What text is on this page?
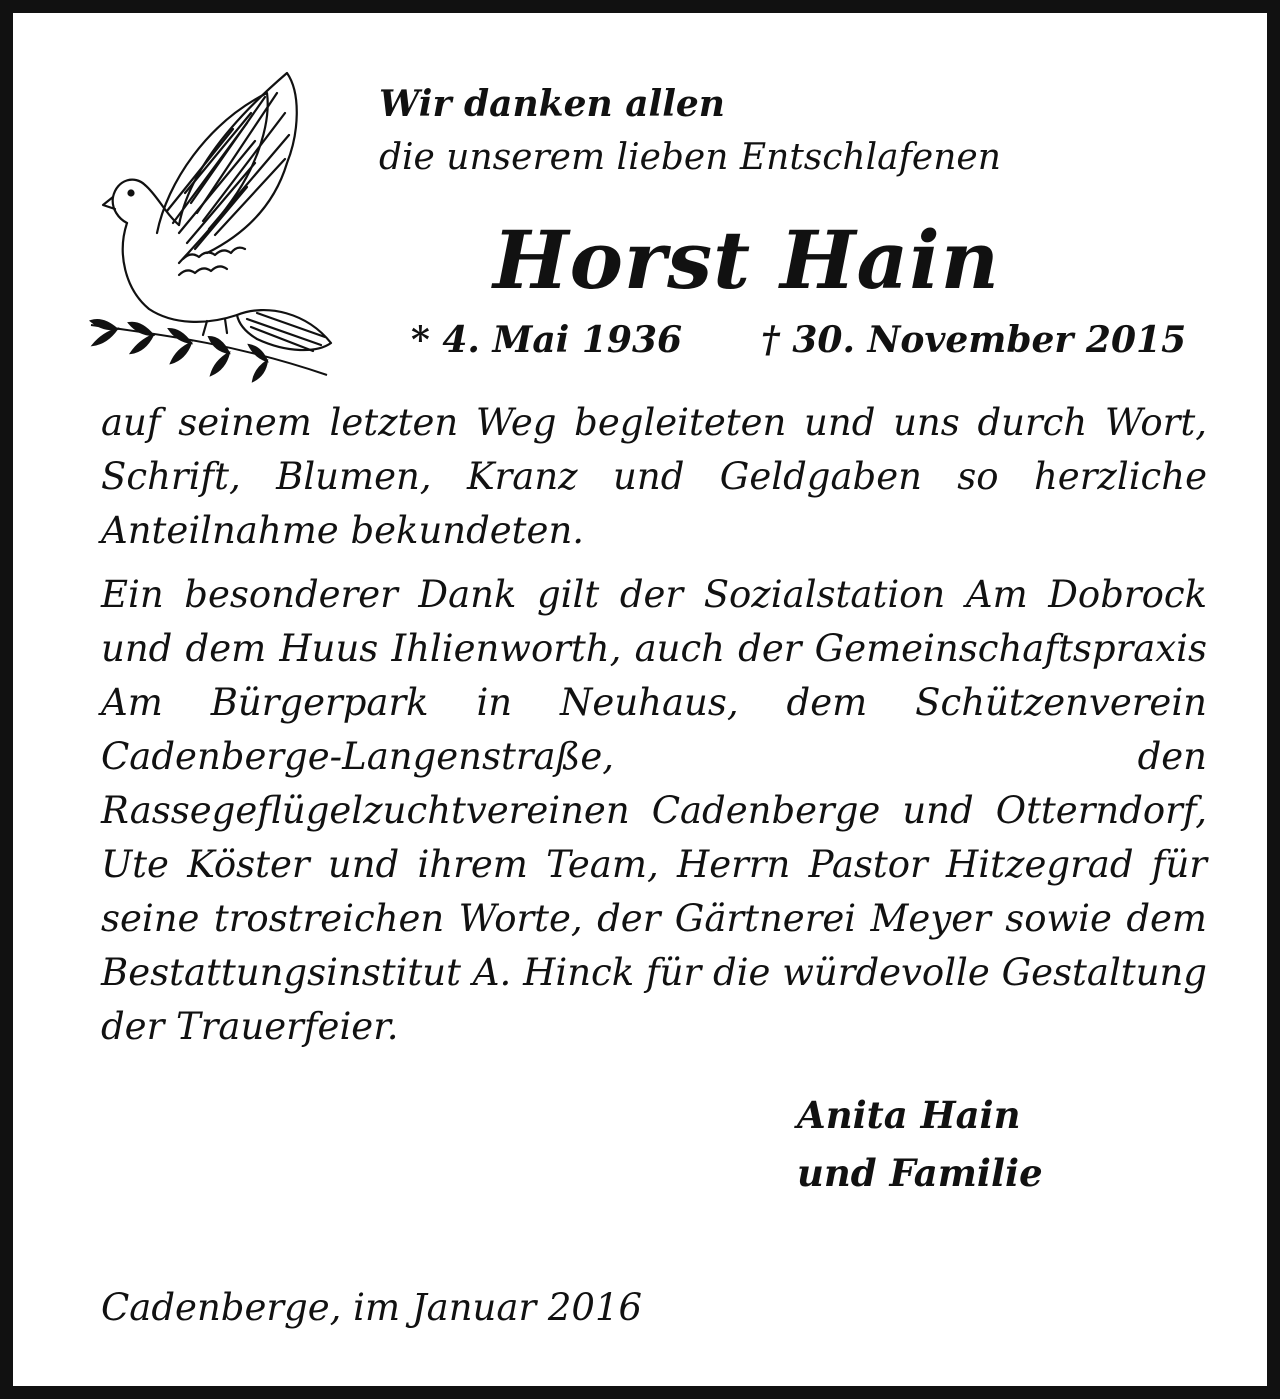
Wir danken allen
die unserem lieben Entschlafenen
Horst Hain
* 4. Mai 1936 † 30. November 2015

auf seinem letzten Weg begleiteten und uns durch Wort, Schrift, Blumen, Kranz und Geldgaben so herzliche Anteilnahme bekundeten.

Ein besonderer Dank gilt der Sozialstation Am Dobrock und dem Huus Ihlienworth, auch der Gemeinschaftspraxis Am Bürgerpark in Neuhaus, dem Schützenverein Cadenberge-Langenstraße, den Rassegeflügelzuchtvereinen Cadenberge und Otterndorf, Ute Köster und ihrem Team, Herrn Pastor Hitzegrad für seine trostreichen Worte, der Gärtnerei Meyer sowie dem Bestattungsinstitut A. Hinck für die würdevolle Gestaltung der Trauerfeier.

Anita Hain
und Familie
Cadenberge, im Januar 2016
